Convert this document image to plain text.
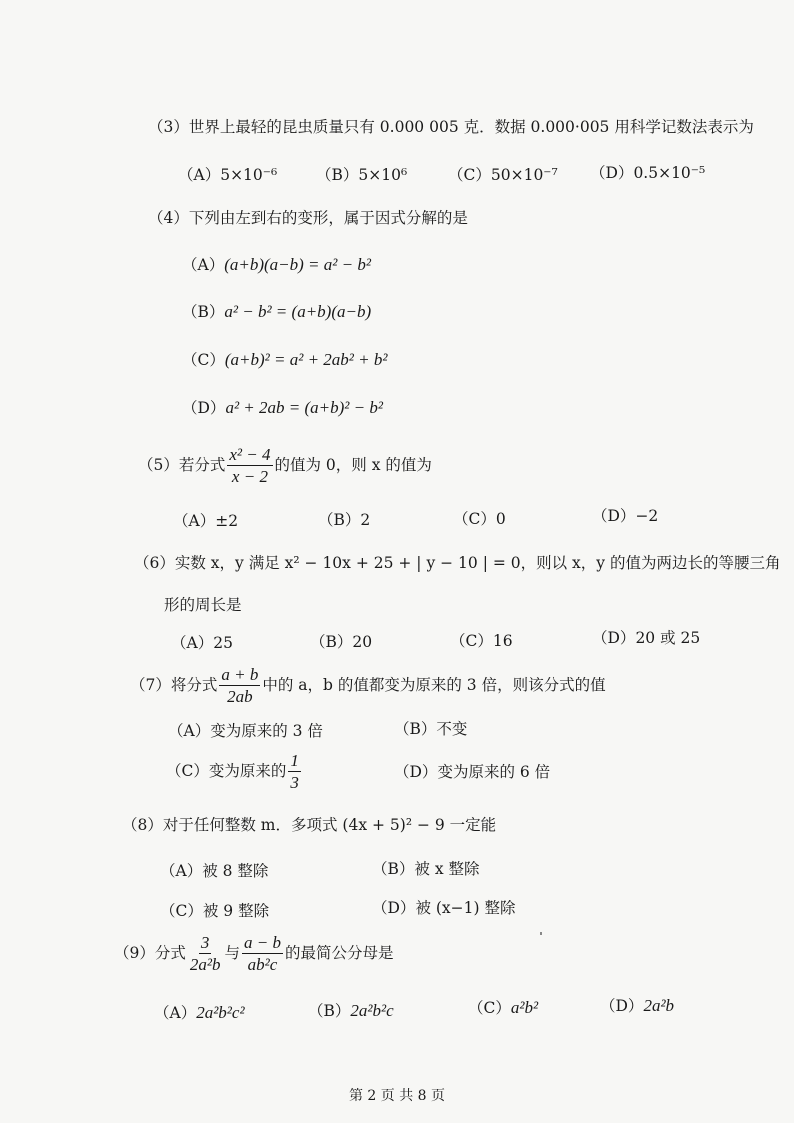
（3）世界上最轻的昆虫质量只有 0.000 005 克．数据 0.000·005 用科学记数法表示为
（A）5×10⁻⁶	（B）5×10⁶	（C）50×10⁻⁷ （D）0.5×10⁻⁵
（4）下列由左到右的变形，属于因式分解的是
（A）(a+b)(a−b) = a² − b²
（B）a² − b² = (a+b)(a−b)
（C）(a+b)² = a² + 2ab² + b²
（D）a² + 2ab = (a+b)² − b²
（5）若分式 $\frac{\text{x² − 4}}{x - 2}$ 的值为 0，则 x 的值为
（A）±2	（B）2	（C）0	（D）−2
（6）实数 x，y 满足 x² − 10x + 25 + | y − 10 | = 0，则以 x，y 的值为两边长的等腰三角
形的周长是
（A）25	（B）20	（C）16	（D）20 或 25
（7）将分式 $\frac{a + b}{2ab}$ 中的 a，b 的值都变为原来的 3 倍，则该分式的值
（A）变为原来的 3 倍	（B）不变
（C） 变为原来的 $\frac{1}{3}$	（D）变为原来的 6 倍
（8）对于任何整数 m．多项式 (4x + 5)² − 9 一定能
（A）被 8 整除	（B）被 x 整除
（C）被 9 整除	（D）被 (x−1) 整除
（9）分式 $\frac{3}{\text{2a²b}}$ 与 $\frac{a - b}{\text{ab²c}}$ 的最简公分母是
（A）2a²b²c²	（B）2a²b²c	（C）a²b²	（D）2a²b
第 2 页 共 8 页
